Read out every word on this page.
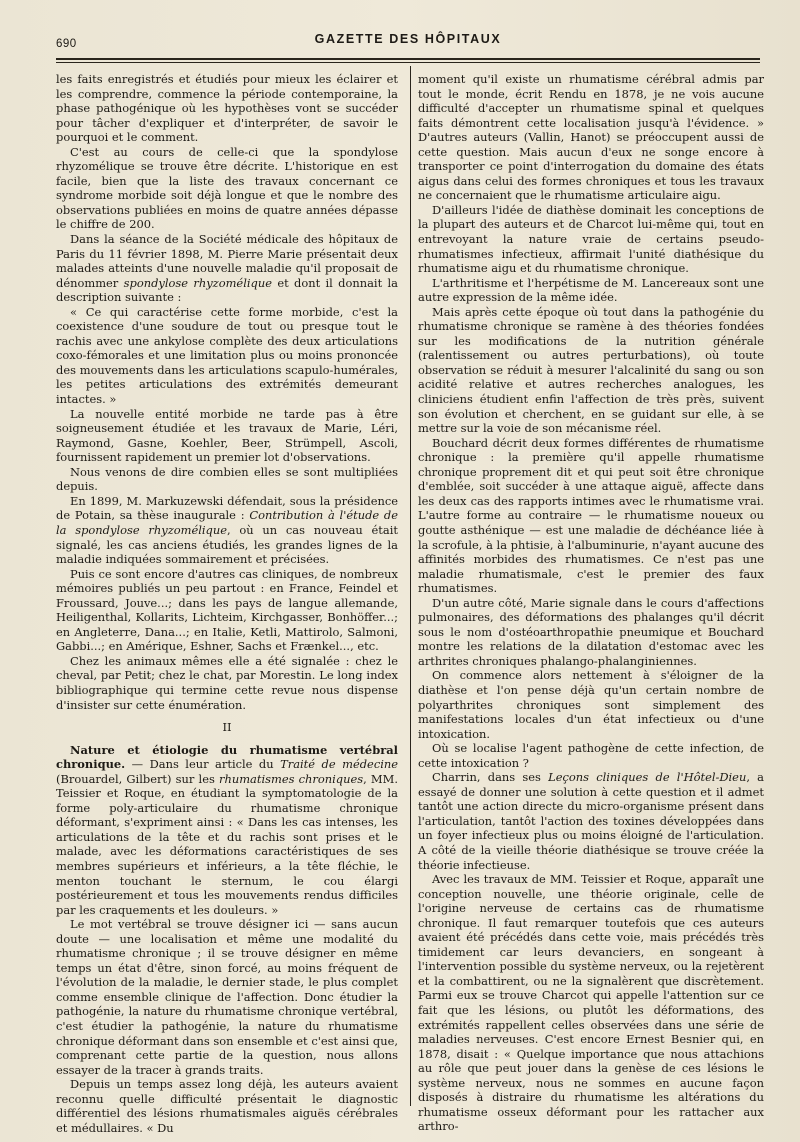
690	GAZETTE DES HÔPITAUX

les faits enregistrés et étudiés pour mieux les éclairer et les comprendre, commence la période contemporaine, la phase pathogénique où les hypothèses vont se succéder pour tâcher d'expliquer et d'interpréter, de savoir le pourquoi et le comment.

C'est au cours de celle-ci que la spondylose rhyzomélique se trouve être décrite. L'historique en est facile, bien que la liste des travaux concernant ce syndrome morbide soit déjà longue et que le nombre des observations publiées en moins de quatre années dépasse le chiffre de 200.

Dans la séance de la Société médicale des hôpitaux de Paris du 11 février 1898, M. Pierre Marie présentait deux malades atteints d'une nouvelle maladie qu'il proposait de dénommer spondylose rhyzomélique et dont il donnait la description suivante :

« Ce qui caractérise cette forme morbide, c'est la coexistence d'une soudure de tout ou presque tout le rachis avec une ankylose complète des deux articulations coxo-fémorales et une limitation plus ou moins prononcée des mouvements dans les articulations scapulo-humérales, les petites articulations des extrémités demeurant intactes. »

La nouvelle entité morbide ne tarde pas à être soigneusement étudiée et les travaux de Marie, Léri, Raymond, Gasne, Koehler, Beer, Strümpell, Ascoli, fournissent rapidement un premier lot d'observations.

Nous venons de dire combien elles se sont multipliées depuis.

En 1899, M. Markuzewski défendait, sous la présidence de Potain, sa thèse inaugurale : Contribution à l'étude de la spondylose rhyzomélique, où un cas nouveau était signalé, les cas anciens étudiés, les grandes lignes de la maladie indiquées sommairement et précisées.

Puis ce sont encore d'autres cas cliniques, de nombreux mémoires publiés un peu partout : en France, Feindel et Froussard, Jouve...; dans les pays de langue allemande, Heiligenthal, Kollarits, Lichteim, Kirchgasser, Bonhöffer...; en Angleterre, Dana...; en Italie, Ketli, Mattirolo, Salmoni, Gabbi...; en Amérique, Eshner, Sachs et Frænkel..., etc.

Chez les animaux mêmes elle a été signalée : chez le cheval, par Petit; chez le chat, par Morestin. Le long index bibliographique qui termine cette revue nous dispense d'insister sur cette énumération.

II

Nature et étiologie du rhumatisme vertébral chronique. — Dans leur article du Traité de médecine (Brouardel, Gilbert) sur les rhumatismes chroniques, MM. Teissier et Roque, en étudiant la symptomatologie de la forme poly-articulaire du rhumatisme chronique déformant, s'expriment ainsi : « Dans les cas intenses, les articulations de la tête et du rachis sont prises et le malade, avec les déformations caractéristiques de ses membres supérieurs et inférieurs, a la tête fléchie, le menton touchant le sternum, le cou élargi postérieurement et tous les mouvements rendus difficiles par les craquements et les douleurs. »

Le mot vertébral se trouve désigner ici — sans aucun doute — une localisation et même une modalité du rhumatisme chronique ; il se trouve désigner en même temps un état d'être, sinon forcé, au moins fréquent de l'évolution de la maladie, le dernier stade, le plus complet comme ensemble clinique de l'affection. Donc étudier la pathogénie, la nature du rhumatisme chronique vertébral, c'est étudier la pathogénie, la nature du rhumatisme chronique déformant dans son ensemble et c'est ainsi que, comprenant cette partie de la question, nous allons essayer de la tracer à grands traits.

Depuis un temps assez long déjà, les auteurs avaient reconnu quelle difficulté présentait le diagnostic différentiel des lésions rhumatismales aiguës cérébrales et médullaires. « Du

moment qu'il existe un rhumatisme cérébral admis par tout le monde, écrit Rendu en 1878, je ne vois aucune difficulté d'accepter un rhumatisme spinal et quelques faits démontrent cette localisation jusqu'à l'évidence. » D'autres auteurs (Vallin, Hanot) se préoccupent aussi de cette question. Mais aucun d'eux ne songe encore à transporter ce point d'interrogation du domaine des états aigus dans celui des formes chroniques et tous les travaux ne concernaient que le rhumatisme articulaire aigu.

D'ailleurs l'idée de diathèse dominait les conceptions de la plupart des auteurs et de Charcot lui-même qui, tout en entrevoyant la nature vraie de certains pseudo-rhumatismes infectieux, affirmait l'unité diathésique du rhumatisme aigu et du rhumatisme chronique.

L'arthritisme et l'herpétisme de M. Lancereaux sont une autre expression de la même idée.

Mais après cette époque où tout dans la pathogénie du rhumatisme chronique se ramène à des théories fondées sur les modifications de la nutrition générale (ralentissement ou autres perturbations), où toute observation se réduit à mesurer l'alcalinité du sang ou son acidité relative et autres recherches analogues, les cliniciens étudient enfin l'affection de très près, suivent son évolution et cherchent, en se guidant sur elle, à se mettre sur la voie de son mécanisme réel.

Bouchard décrit deux formes différentes de rhumatisme chronique : la première qu'il appelle rhumatisme chronique proprement dit et qui peut soit être chronique d'emblée, soit succéder à une attaque aiguë, affecte dans les deux cas des rapports intimes avec le rhumatisme vrai. L'autre forme au contraire — le rhumatisme noueux ou goutte asthénique — est une maladie de déchéance liée à la scrofule, à la phtisie, à l'albuminurie, n'ayant aucune des affinités morbides des rhumatismes. Ce n'est pas une maladie rhumatismale, c'est le premier des faux rhumatismes.

D'un autre côté, Marie signale dans le cours d'affections pulmonaires, des déformations des phalanges qu'il décrit sous le nom d'ostéoarthropathie pneumique et Bouchard montre les relations de la dilatation d'estomac avec les arthrites chroniques phalango-phalanginiennes.

On commence alors nettement à s'éloigner de la diathèse et l'on pense déjà qu'un certain nombre de polyarthrites chroniques sont simplement des manifestations locales d'un état infectieux ou d'une intoxication.

Où se localise l'agent pathogène de cette infection, de cette intoxication ?

Charrin, dans ses Leçons cliniques de l'Hôtel-Dieu, a essayé de donner une solution à cette question et il admet tantôt une action directe du micro-organisme présent dans l'articulation, tantôt l'action des toxines développées dans un foyer infectieux plus ou moins éloigné de l'articulation. A côté de la vieille théorie diathésique se trouve créée la théorie infectieuse.

Avec les travaux de MM. Teissier et Roque, apparaît une conception nouvelle, une théorie originale, celle de l'origine nerveuse de certains cas de rhumatisme chronique. Il faut remarquer toutefois que ces auteurs avaient été précédés dans cette voie, mais précédés très timidement car leurs devanciers, en songeant à l'intervention possible du système nerveux, ou la rejetèrent et la combattirent, ou ne la signalèrent que discrètement. Parmi eux se trouve Charcot qui appelle l'attention sur ce fait que les lésions, ou plutôt les déformations, des extrémités rappellent celles observées dans une série de maladies nerveuses. C'est encore Ernest Besnier qui, en 1878, disait : « Quelque importance que nous attachions au rôle que peut jouer dans la genèse de ces lésions le système nerveux, nous ne sommes en aucune façon disposés à distraire du rhumatisme les altérations du rhumatisme osseux déformant pour les rattacher aux arthro-
